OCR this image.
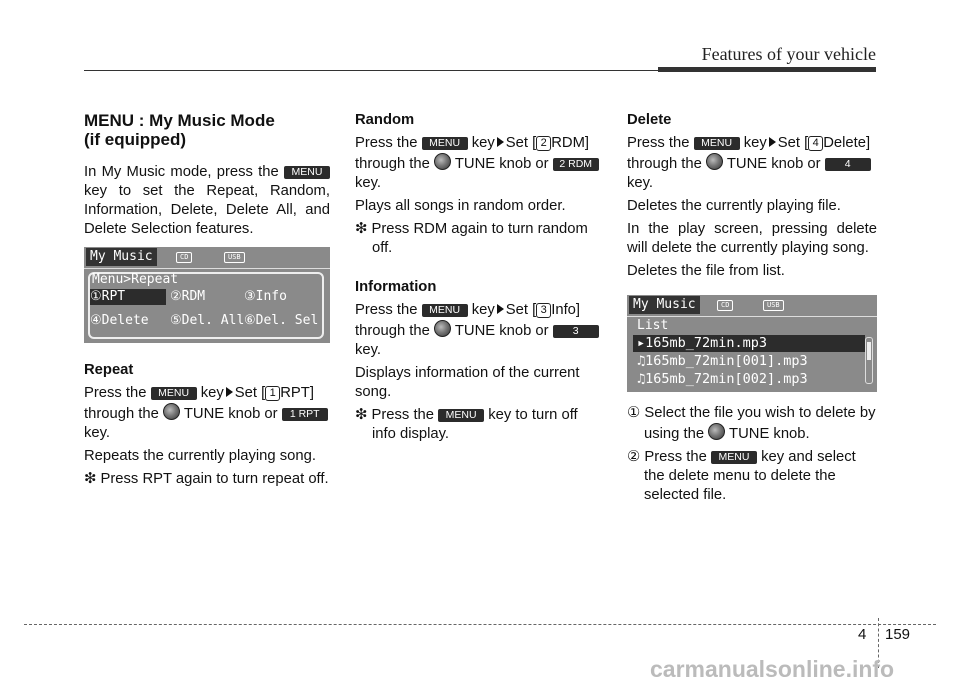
Features of your vehicle
MENU : My Music Mode
(if equipped)

In My Music mode, press the MENU key to set the Repeat, Random, Information, Delete, Delete All, and Delete Selection features.

My Music	CD	USB
Menu>Repeat
①RPT	②RDM	③Info
④Delete ⑤Del. All ⑥Del. Sel
Repeat

Press the MENU key Set [ 1 RPT] through the TUNE knob or 1 RPT key.

Repeats the currently playing song.

❇ Press RPT again to turn repeat off.

Random

Press the MENU key Set [ 2 RDM] through the TUNE knob or 2 RDM key.

Plays all songs in random order.

❇ Press RDM again to turn random off.

Information

Press the MENU key Set [ 3 Info] through the TUNE knob or 3 key.

Displays information of the current song.

❇ Press the MENU key to turn off info display.

Delete

Press the MENU key Set [ 4 Delete] through the TUNE knob or 4 key.

Deletes the currently playing file.

In the play screen, pressing delete will delete the currently playing song.

Deletes the file from list.

My Music	CD	USB
List
▸165mb_72min.mp3
♫165mb_72min[001].mp3
♫165mb_72min[002].mp3

① Select the file you wish to delete by using the TUNE knob.

② Press the MENU key and select the delete menu to delete the selected file.

4 159
carmanualsonline.info
